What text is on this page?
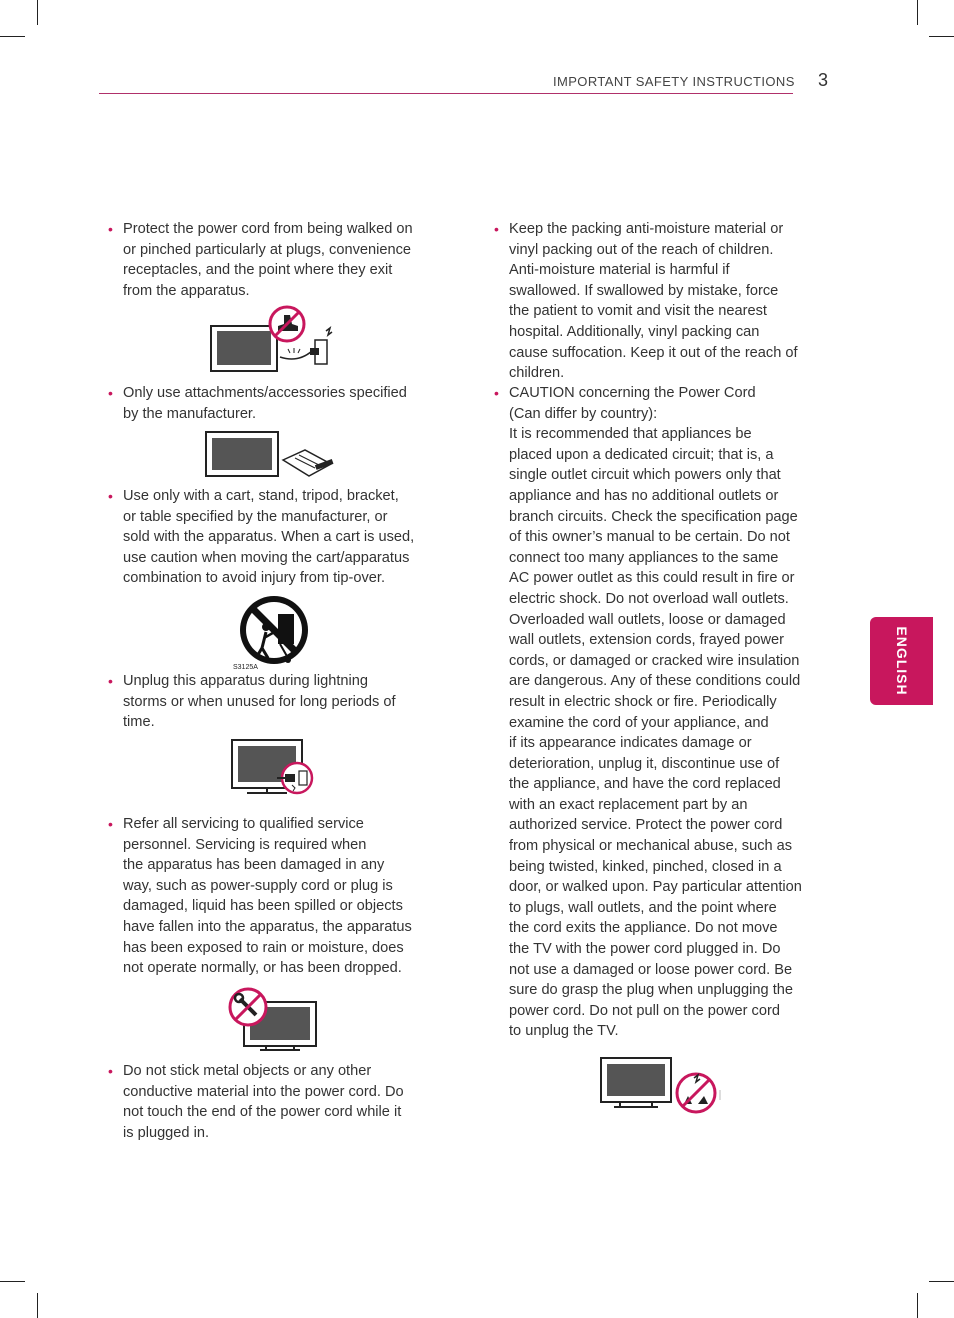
IMPORTANT SAFETY INSTRUCTIONS 3
ENGLISH
• Protect the power cord from being walked on
or pinched particularly at plugs, convenience
receptacles, and the point where they exit
from the apparatus.
• Only use attachments/accessories specified
by the manufacturer.
• Use only with a cart, stand, tripod, bracket,
or table specified by the manufacturer, or
sold with the apparatus. When a cart is used,
use caution when moving the cart/apparatus
combination to avoid injury from tip-over.
S3125A
• Unplug this apparatus during lightning
storms or when unused for long periods of
time.
• Refer all servicing to qualified service
personnel. Servicing is required when
the apparatus has been damaged in any
way, such as power-supply cord or plug is
damaged, liquid has been spilled or objects
have fallen into the apparatus, the apparatus
has been exposed to rain or moisture, does
not operate normally, or has been dropped.
• Do not stick metal objects or any other
conductive material into the power cord. Do
not touch the end of the power cord while it
is plugged in.
• Keep the packing anti-moisture material or
vinyl packing out of the reach of children.
Anti-moisture material is harmful if
swallowed. If swallowed by mistake, force
the patient to vomit and visit the nearest
hospital. Additionally, vinyl packing can
cause suffocation. Keep it out of the reach of
children.
• CAUTION concerning the Power Cord
(Can differ by country):
It is recommended that appliances be
placed upon a dedicated circuit; that is, a
single outlet circuit which powers only that
appliance and has no additional outlets or
branch circuits. Check the specification page
of this owner’s manual to be certain. Do not
connect too many appliances to the same
AC power outlet as this could result in fire or
electric shock. Do not overload wall outlets.
Overloaded wall outlets, loose or damaged
wall outlets, extension cords, frayed power
cords, or damaged or cracked wire insulation
are dangerous. Any of these conditions could
result in electric shock or fire. Periodically
examine the cord of your appliance, and
if its appearance indicates damage or
deterioration, unplug it, discontinue use of
the appliance, and have the cord replaced
with an exact replacement part by an
authorized service. Protect the power cord
from physical or mechanical abuse, such as
being twisted, kinked, pinched, closed in a
door, or walked upon. Pay particular attention
to plugs, wall outlets, and the point where
the cord exits the appliance. Do not move
the TV with the power cord plugged in. Do
not use a damaged or loose power cord. Be
sure do grasp the plug when unplugging the
power cord. Do not pull on the power cord
to unplug the TV.
